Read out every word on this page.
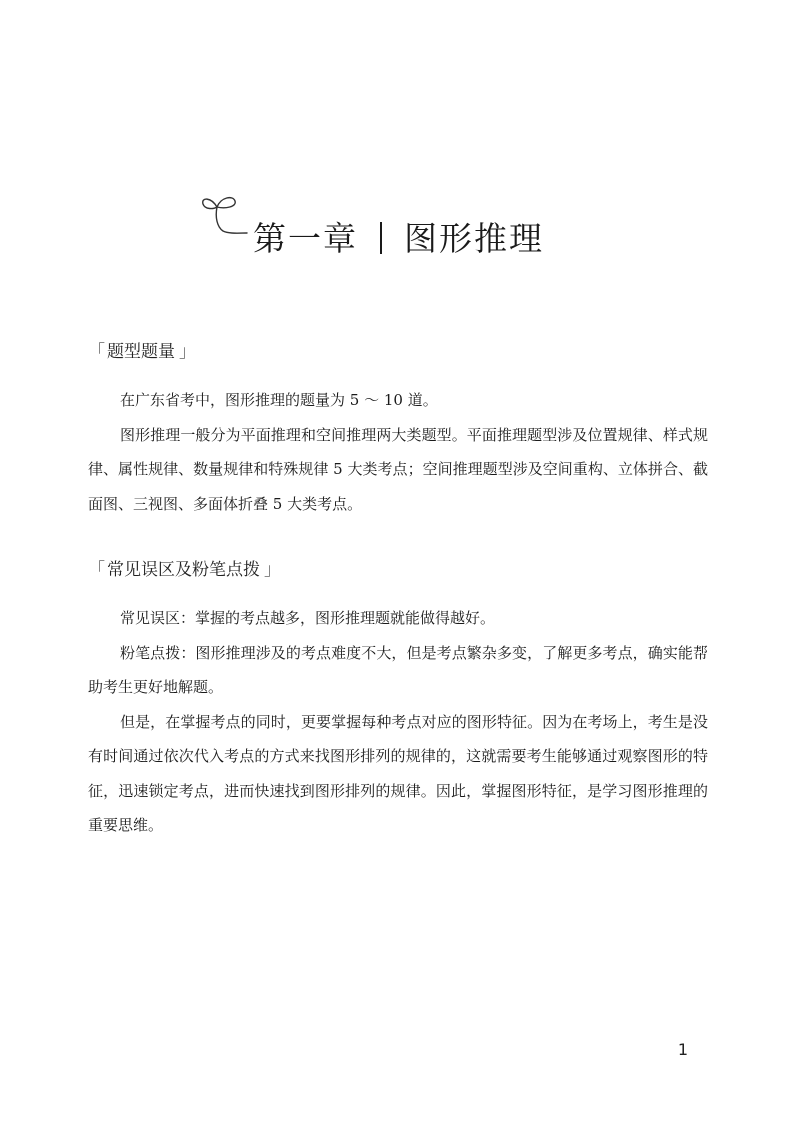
第一章 图形推理
「 题型题量 」

在广东省考中，图形推理的题量为 5 ～ 10 道。

图形推理一般分为平面推理和空间推理两大类题型。平面推理题型涉及位置规律、样式规律、属性规律、数量规律和特殊规律 5 大类考点；空间推理题型涉及空间重构、立体拼合、截面图、三视图、多面体折叠 5 大类考点。

「 常见误区及粉笔点拨 」

常见误区：掌握的考点越多，图形推理题就能做得越好。

粉笔点拨：图形推理涉及的考点难度不大，但是考点繁杂多变，了解更多考点，确实能帮助考生更好地解题。

但是，在掌握考点的同时，更要掌握每种考点对应的图形特征。因为在考场上，考生是没有时间通过依次代入考点的方式来找图形排列的规律的，这就需要考生能够通过观察图形的特征，迅速锁定考点，进而快速找到图形排列的规律。因此，掌握图形特征，是学习图形推理的重要思维。

1
